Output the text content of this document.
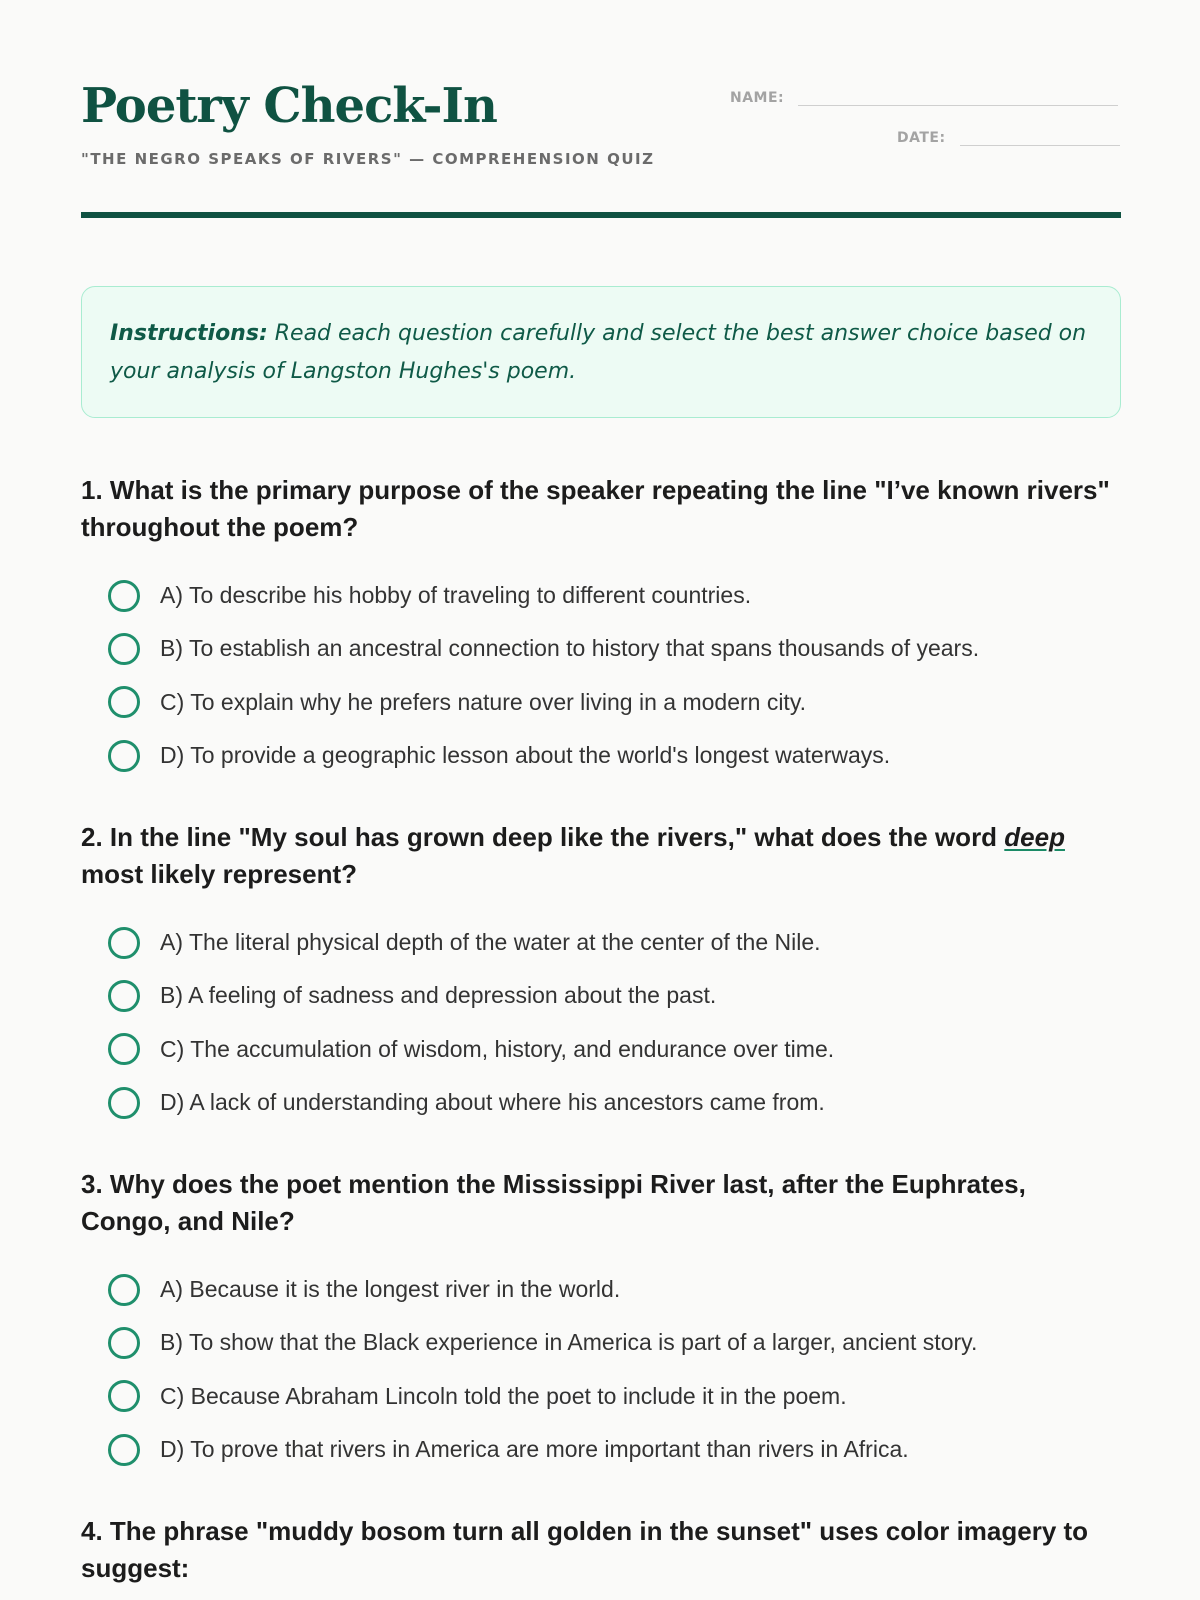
Poetry Check-In
"THE NEGRO SPEAKS OF RIVERS" — COMPREHENSION QUIZ
NAME:
DATE:
Instructions: Read each question carefully and select the best answer choice based on your analysis of Langston Hughes's poem.
1. What is the primary purpose of the speaker repeating the line "I’ve known rivers" throughout the poem?
A) To describe his hobby of traveling to different countries.
B) To establish an ancestral connection to history that spans thousands of years.
C) To explain why he prefers nature over living in a modern city.
D) To provide a geographic lesson about the world's longest waterways.
2. In the line "My soul has grown deep like the rivers," what does the word deep most likely represent?
A) The literal physical depth of the water at the center of the Nile.
B) A feeling of sadness and depression about the past.
C) The accumulation of wisdom, history, and endurance over time.
D) A lack of understanding about where his ancestors came from.
3. Why does the poet mention the Mississippi River last, after the Euphrates, Congo, and Nile?
A) Because it is the longest river in the world.
B) To show that the Black experience in America is part of a larger, ancient story.
C) Because Abraham Lincoln told the poet to include it in the poem.
D) To prove that rivers in America are more important than rivers in Africa.
4. The phrase "muddy bosom turn all golden in the sunset" uses color imagery to suggest:
